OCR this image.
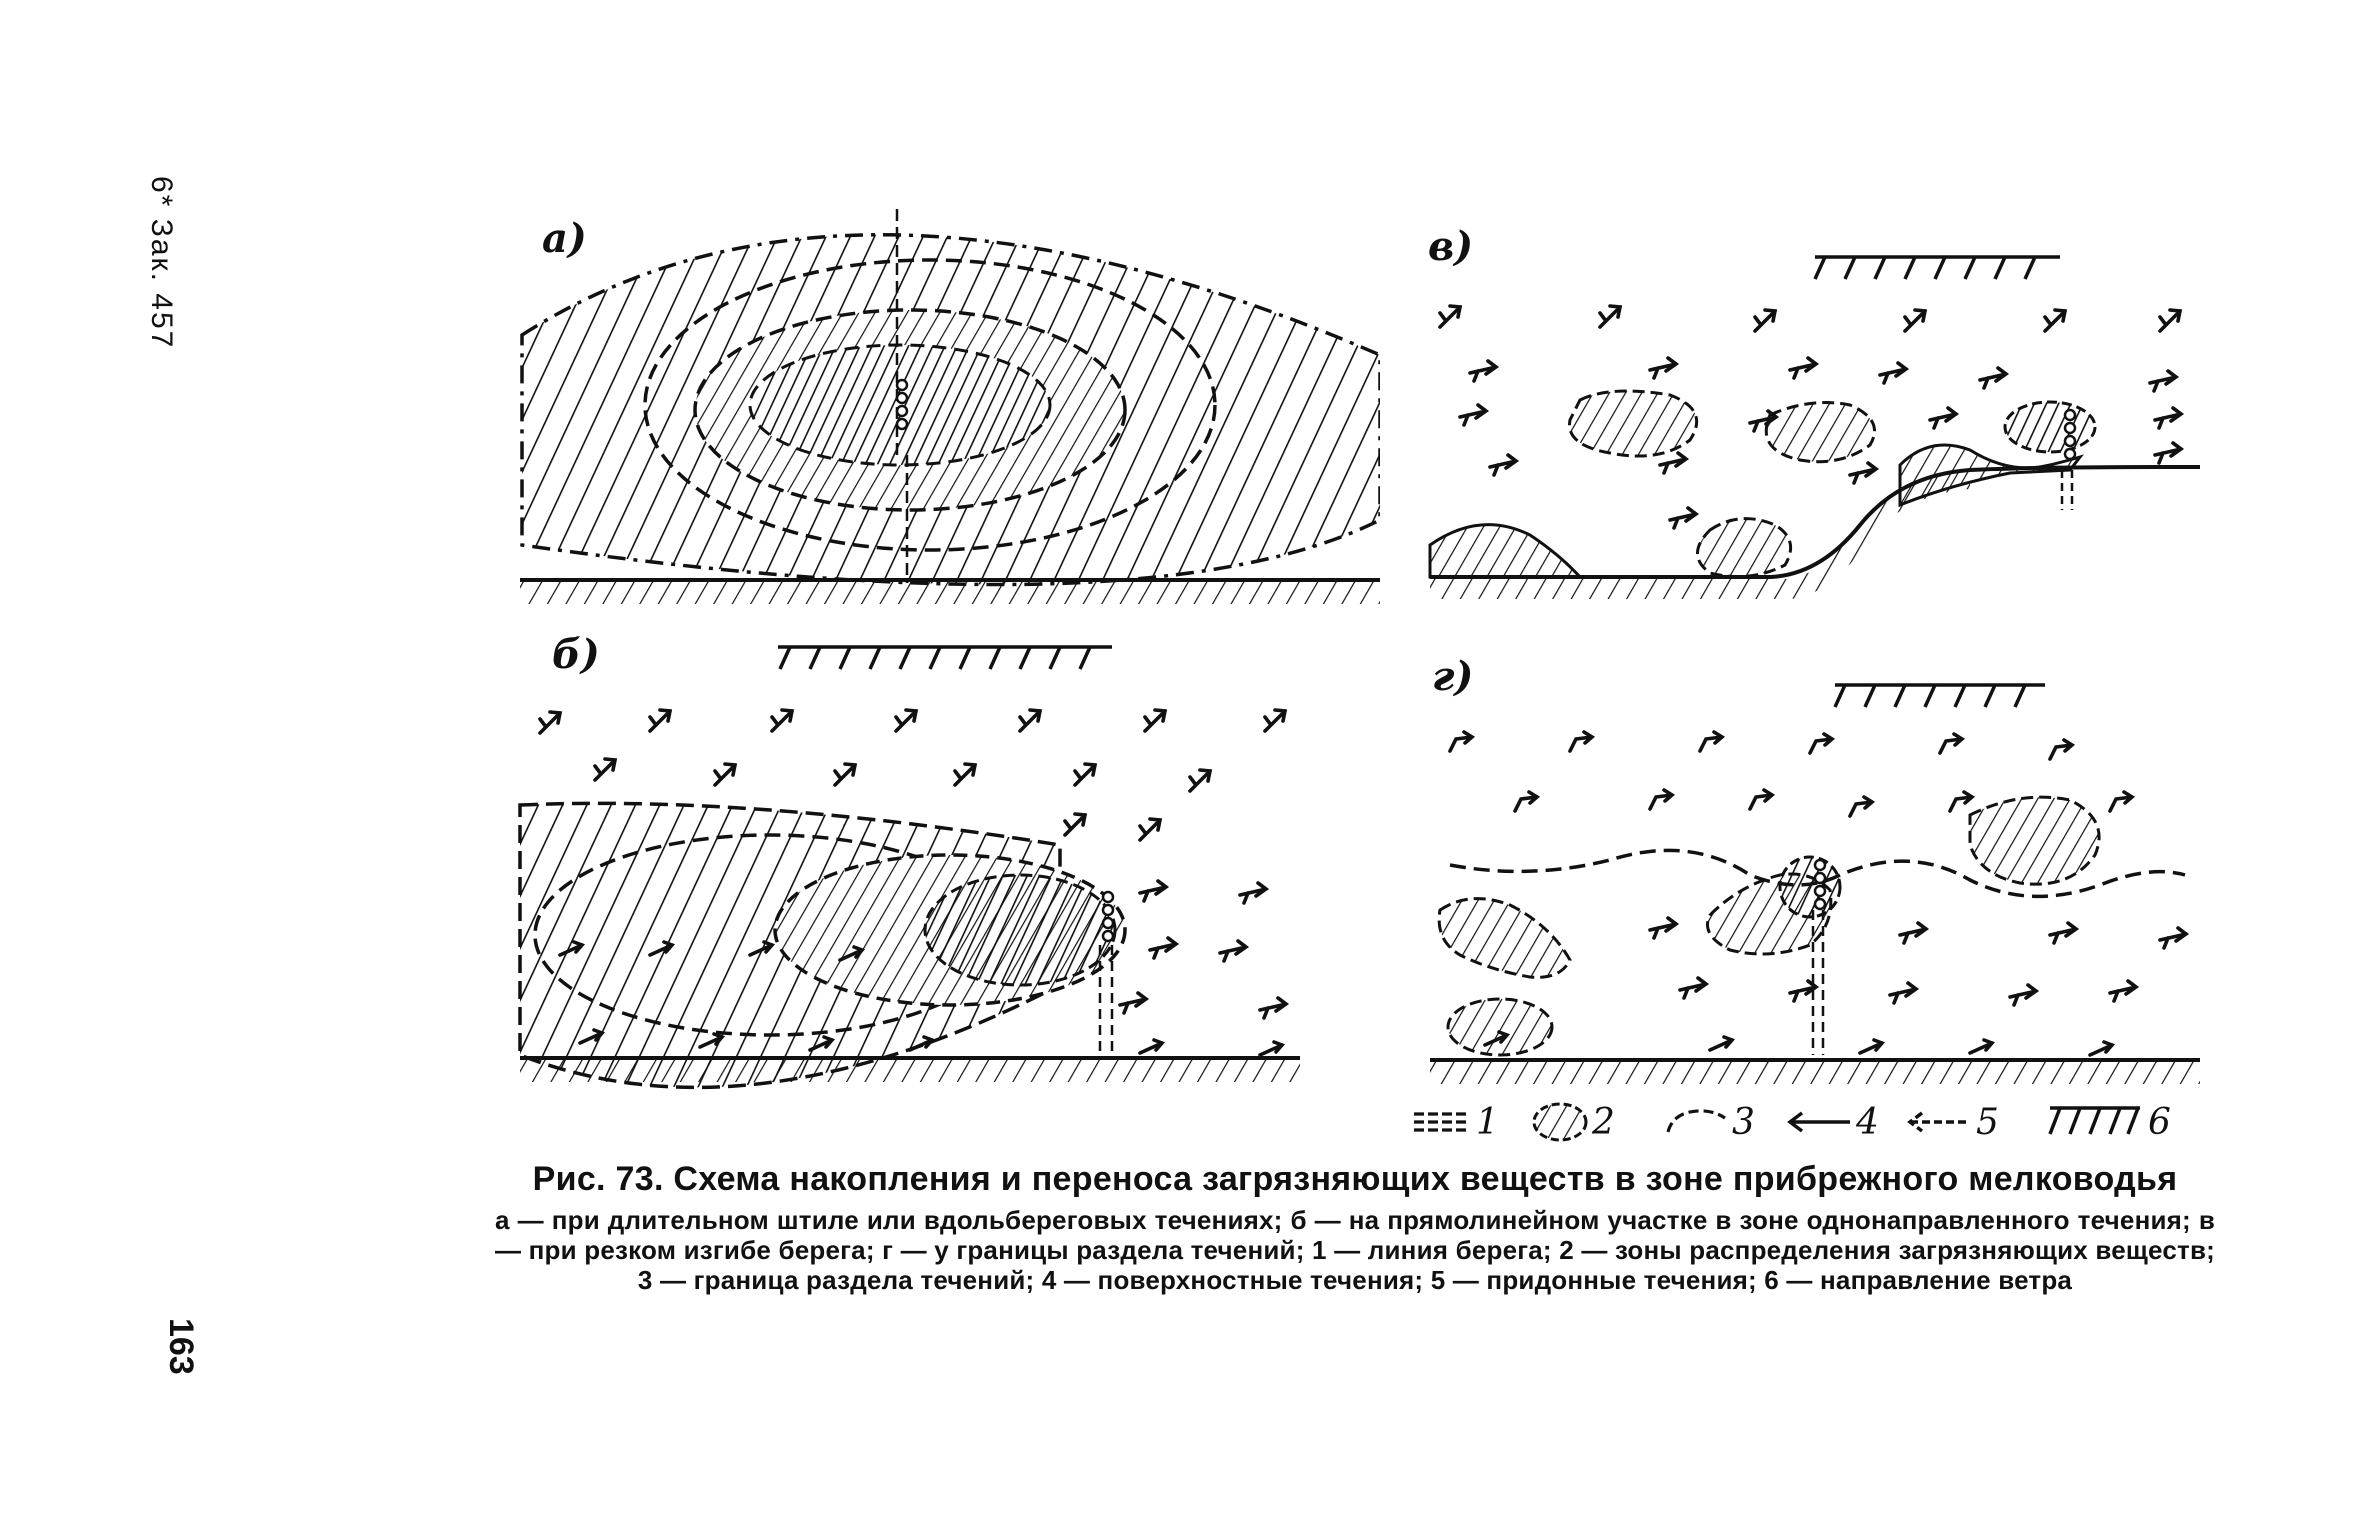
6* Зак. 457
163
а)	в)
б)	г)
1	2	3	4	5	6

Рис. 73. Схема накопления и переноса загрязняющих веществ в зоне прибрежного мелководья

а — при длительном штиле или вдольбереговых течениях; б — на прямолинейном участке в зоне однонаправленного течения; в — при резком изгибе берега; г — у границы раздела течений; 1 — линия берега; 2 — зоны распределения загрязняющих веществ; 3 — граница раздела течений; 4 — поверхностные течения; 5 — придонные течения; 6 — направление ветра
